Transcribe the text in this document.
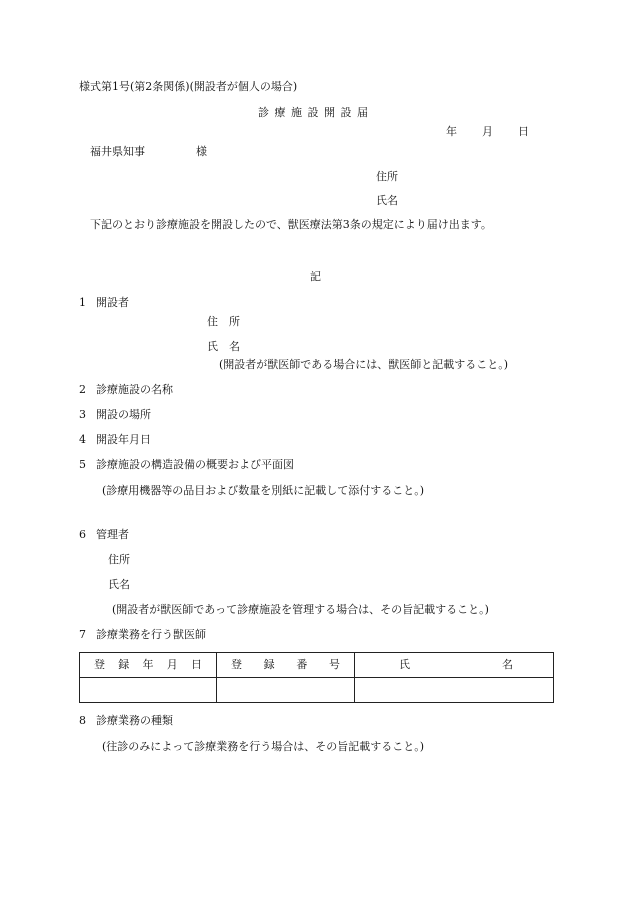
様式第1号(第2条関係)(開設者が個人の場合)
診 療 施 設 開 設 届
年 月 日
福井県知事	様
住所
氏名
下記のとおり診療施設を開設したので、獣医療法第3条の規定により届け出ます。
記
1 開設者
住　所
氏　名
(開設者が獣医師である場合には、獣医師と記載すること。)
2 診療施設の名称
3 開設の場所
4 開設年月日
5 診療施設の構造設備の概要および平面図
(診療用機器等の品目および数量を別紙に記載して添付すること。)
6 管理者
住所
氏名
(開設者が獣医師であって診療施設を管理する場合は、その旨記載すること。)
7 診療業務を行う獣医師
登 録 年 月 日	登 録 番 号	氏 名

8 診療業務の種類
(往診のみによって診療業務を行う場合は、その旨記載すること。)
